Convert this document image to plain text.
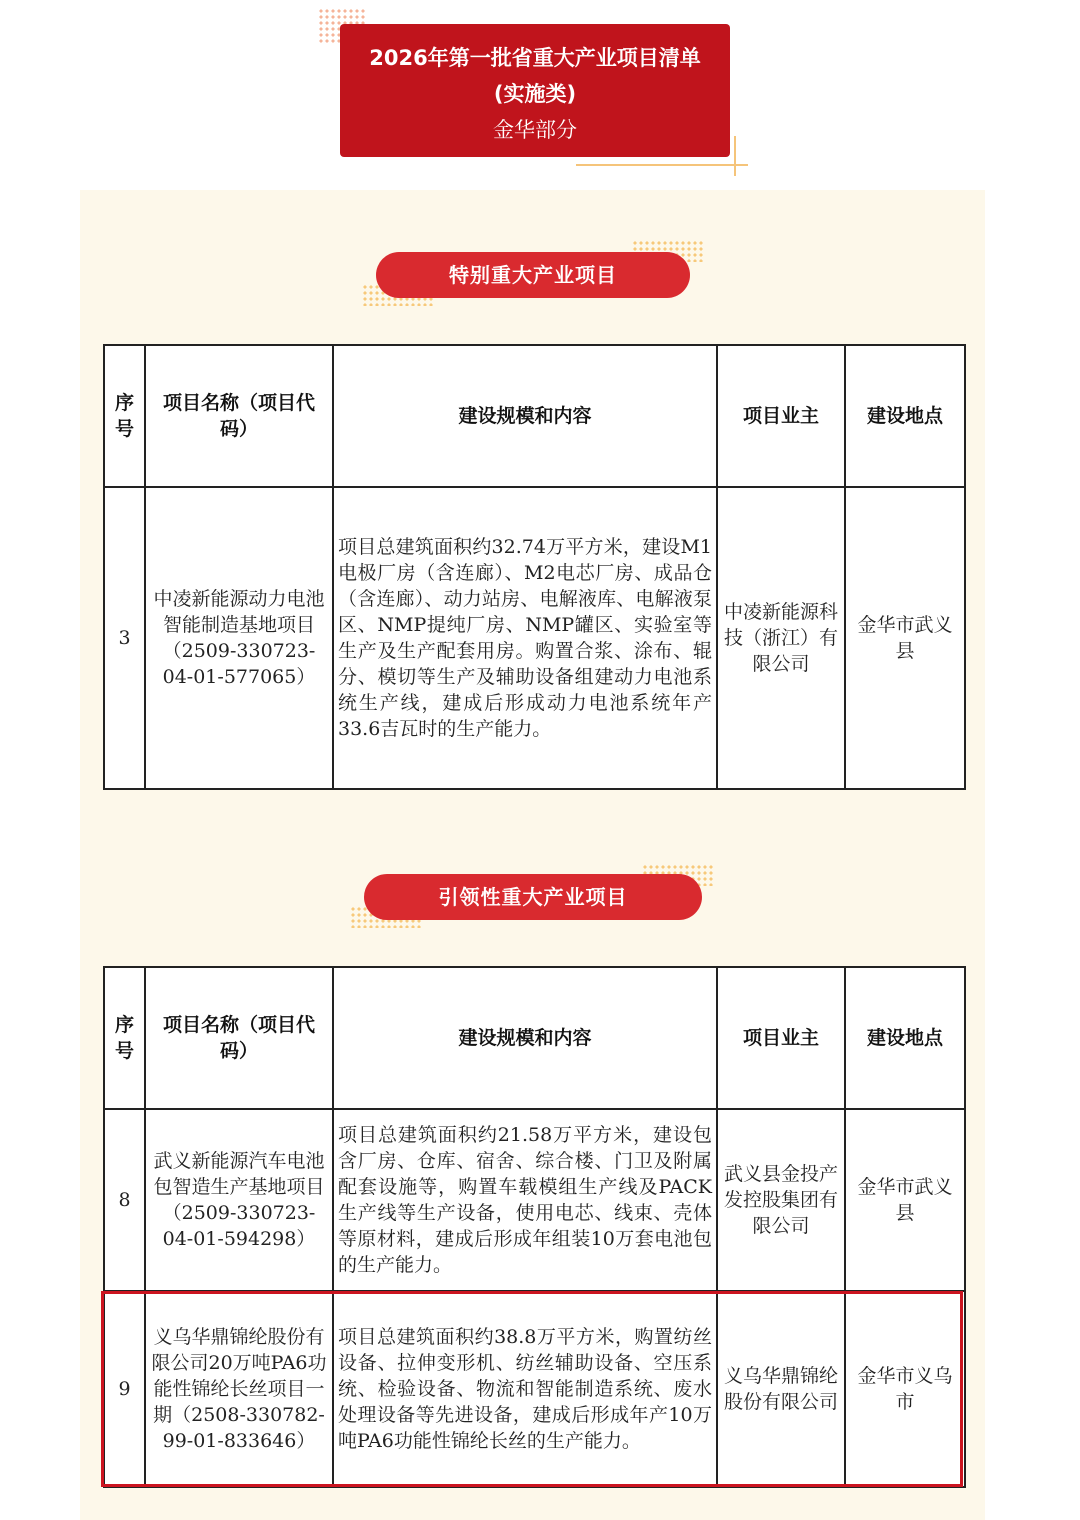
2026年第一批省重大产业项目清单
(实施类)
金华部分
特别重大产业项目
序号	项目名称（项目代码）	建设规模和内容	项目业主	建设地点
3	中凌新能源动力电池智能制造基地项目（2509-330723-04-01-577065）	项目总建筑面积约32.74万平方米，建设M1电极厂房（含连廊）、M2电芯厂房、成品仓（含连廊）、动力站房、电解液库、电解液泵区、NMP提纯厂房、NMP罐区、实验室等生产及生产配套用房。购置合浆、涂布、辊分、模切等生产及辅助设备组建动力电池系统生产线，建成后形成动力电池系统年产33.6吉瓦时的生产能力。	中凌新能源科技（浙江）有限公司	金华市武义县
引领性重大产业项目
序号	项目名称（项目代码）	建设规模和内容	项目业主	建设地点
8	武义新能源汽车电池包智造生产基地项目（2509-330723-04-01-594298）	项目总建筑面积约21.58万平方米，建设包含厂房、仓库、宿舍、综合楼、门卫及附属配套设施等，购置车载模组生产线及PACK生产线等生产设备，使用电芯、线束、壳体等原材料，建成后形成年组装10万套电池包的生产能力。	武义县金投产发控股集团有限公司	金华市武义县
9	义乌华鼎锦纶股份有限公司20万吨PA6功能性锦纶长丝项目一期（2508-330782-99-01-833646）	项目总建筑面积约38.8万平方米，购置纺丝设备、拉伸变形机、纺丝辅助设备、空压系统、检验设备、物流和智能制造系统、废水处理设备等先进设备，建成后形成年产10万吨PA6功能性锦纶长丝的生产能力。	义乌华鼎锦纶股份有限公司	金华市义乌市
